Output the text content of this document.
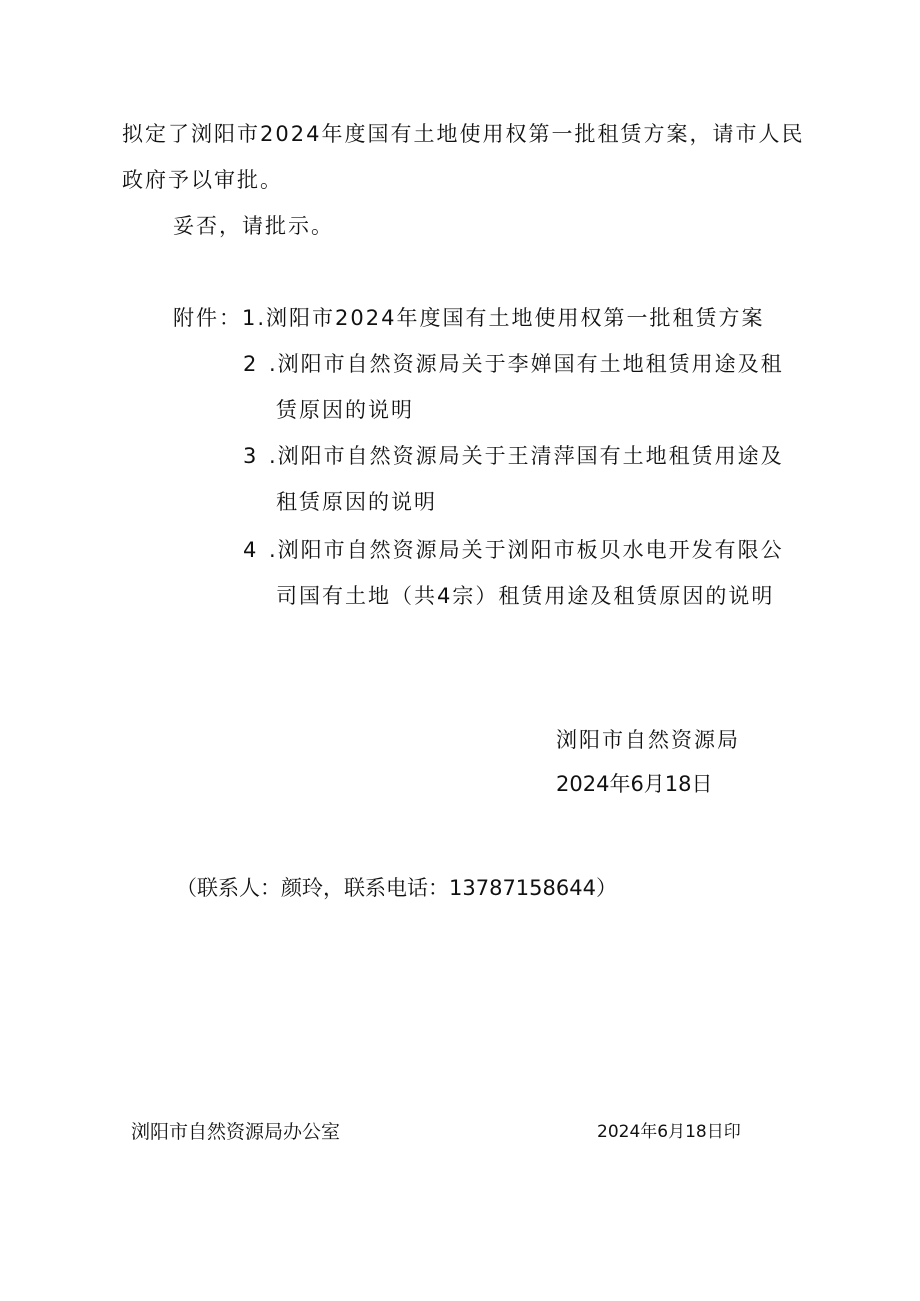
拟定了浏阳市2024年度国有土地使用权第一批租赁方案，请市人民
政府予以审批。
妥否，请批示。
附件：1.浏阳市2024年度国有土地使用权第一批租赁方案
2 .浏阳市自然资源局关于李婵国有土地租赁用途及租
赁原因的说明
3 .浏阳市自然资源局关于王清萍国有土地租赁用途及
租赁原因的说明
4 .浏阳市自然资源局关于浏阳市板贝水电开发有限公
司国有土地（共4宗）租赁用途及租赁原因的说明
浏阳市自然资源局
2024年6月18日
（联系人：颜玲，联系电话：13787158644）
浏阳市自然资源局办公室	2024年6月18日印
